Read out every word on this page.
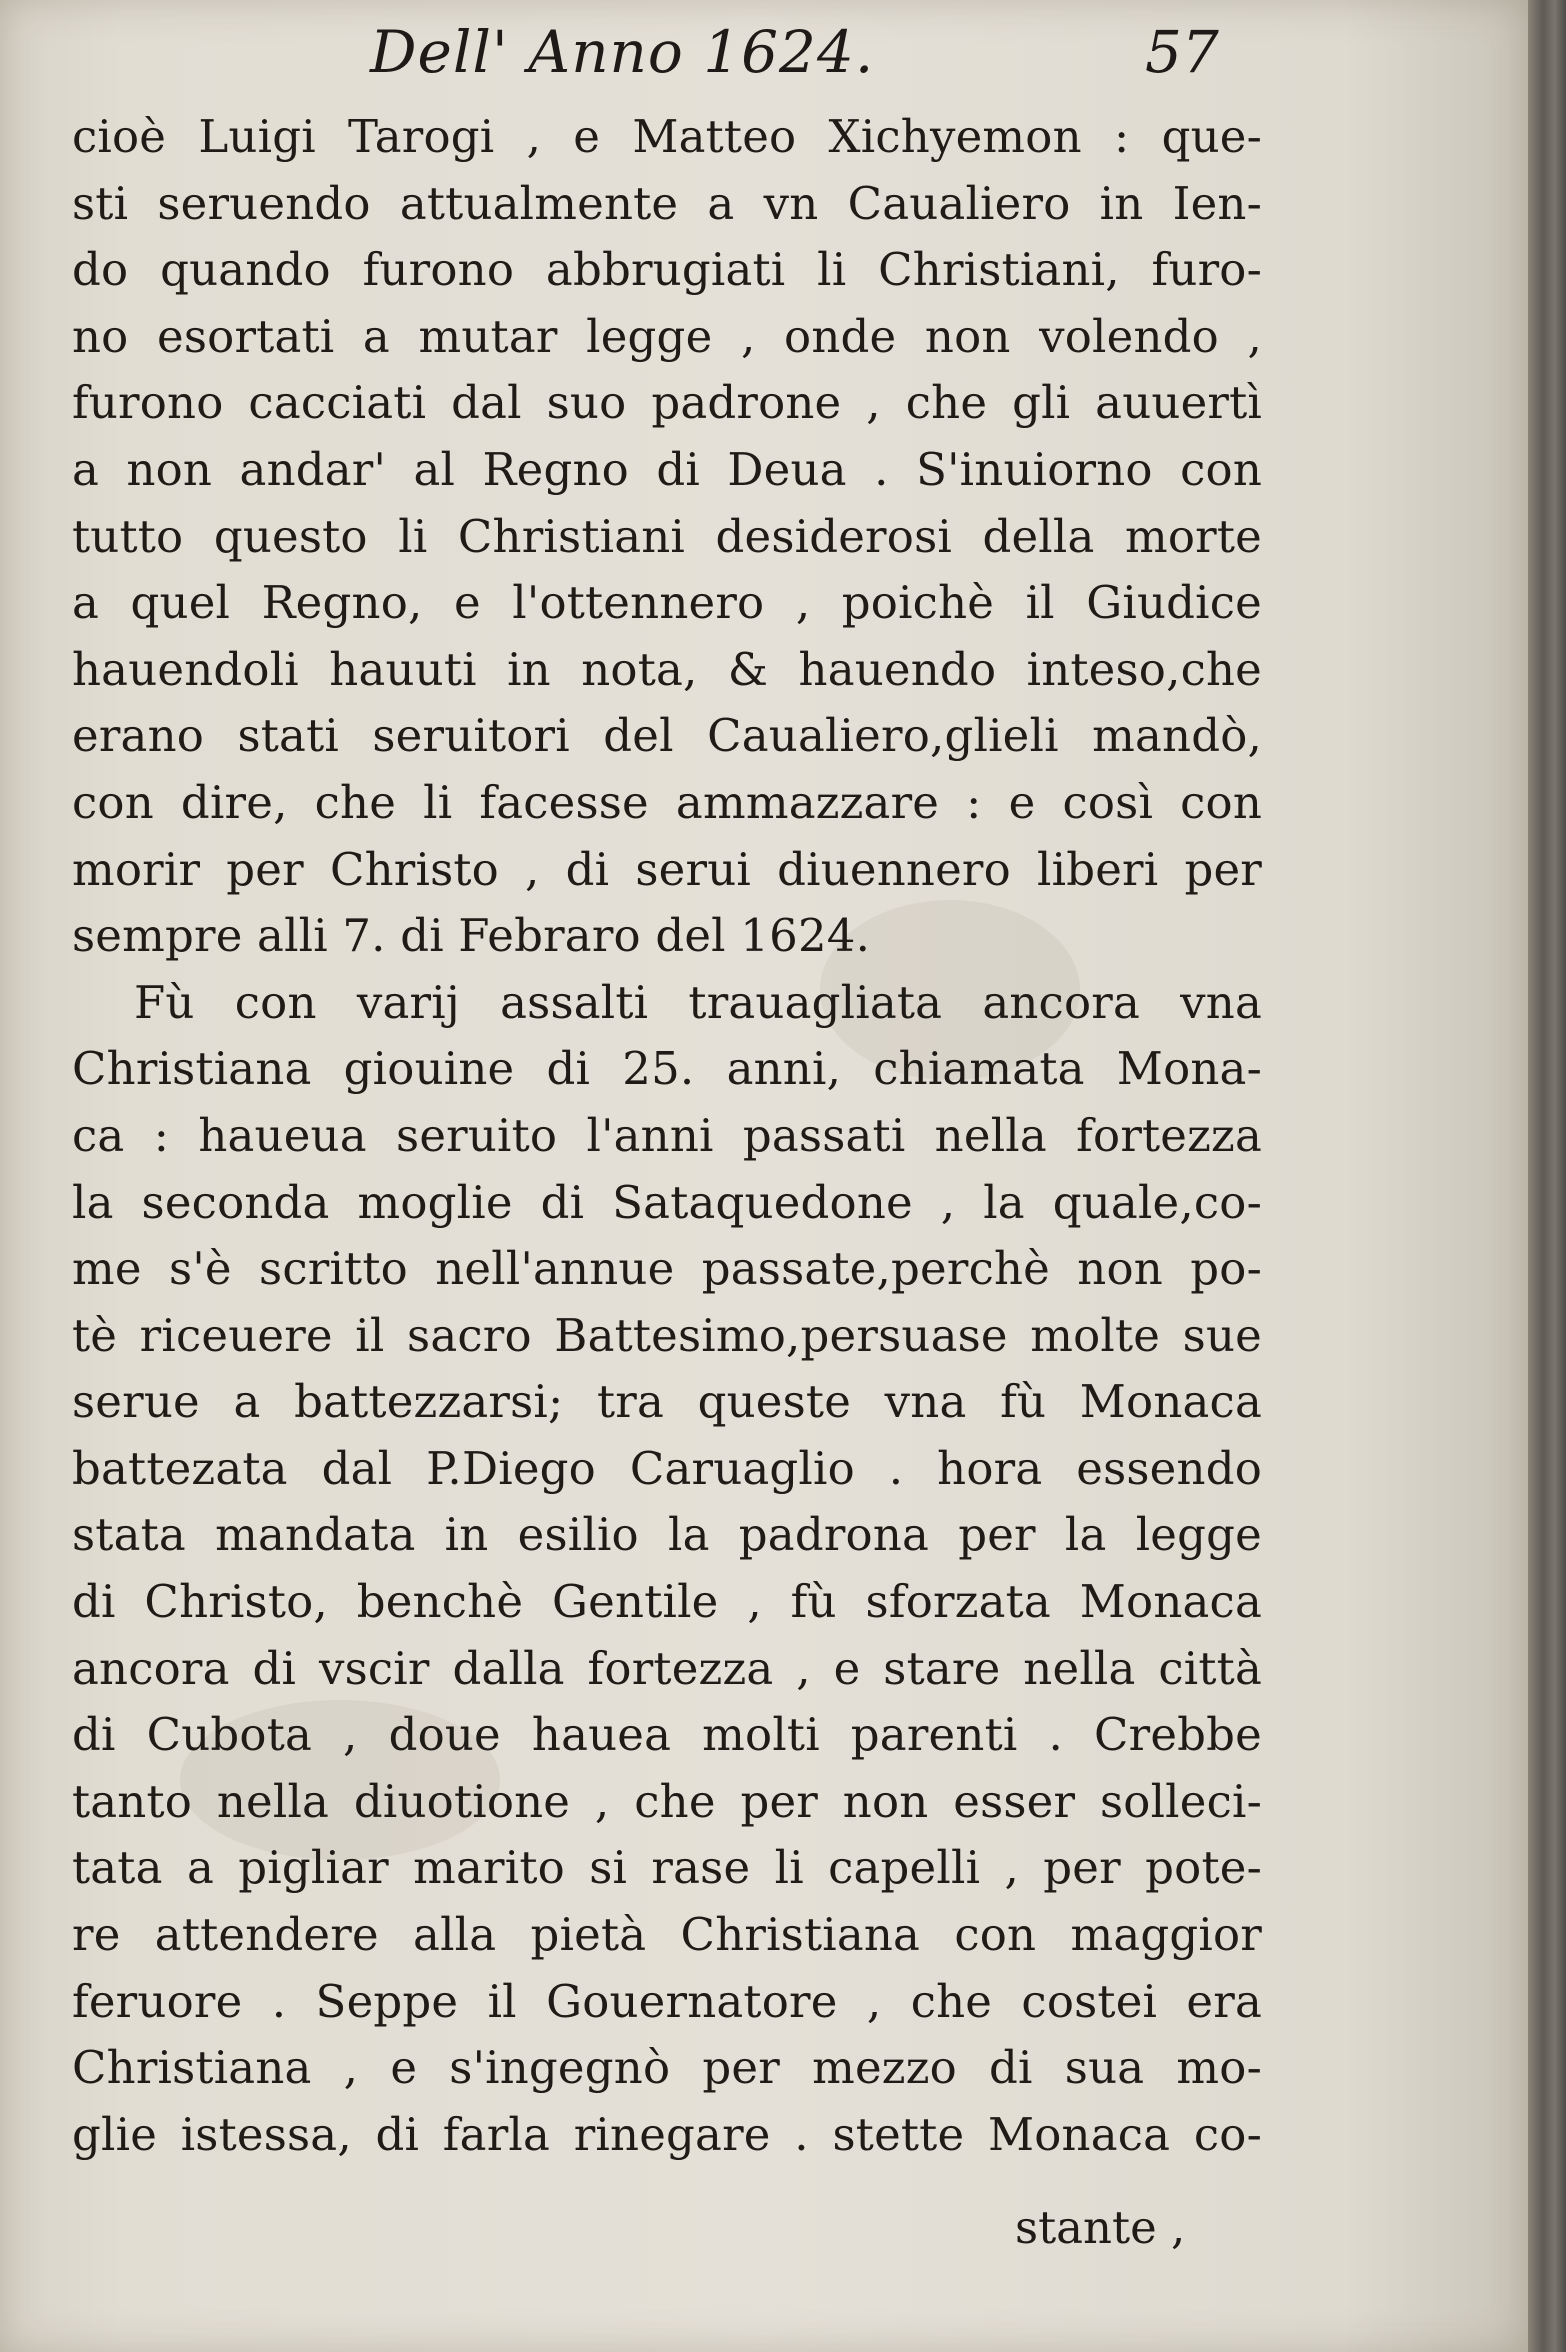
Dell' Anno 1624.	57
cioè Luigi Tarogi , e Matteo Xichyemon : que-
sti seruendo attualmente a vn Caualiero in Ien-
do quando furono abbrugiati li Christiani, furo-
no esortati a mutar legge , onde non volendo ,
furono cacciati dal suo padrone , che gli auuertì
a non andar' al Regno di Deua . S'inuiorno con
tutto questo li Christiani desiderosi della morte
a quel Regno, e l'ottennero , poichè il Giudice
hauendoli hauuti in nota, & hauendo inteso,che
erano stati seruitori del Caualiero,glieli mandò,
con dire, che li facesse ammazzare : e così con
morir per Christo , di serui diuennero liberi per
sempre alli 7. di Febraro del 1624.
Fù con varij assalti trauagliata ancora vna
Christiana giouine di 25. anni, chiamata Mona-
ca : haueua seruito l'anni passati nella fortezza
la seconda moglie di Sataquedone , la quale,co-
me s'è scritto nell'annue passate,perchè non po-
tè riceuere il sacro Battesimo,persuase molte sue
serue a battezzarsi; tra queste vna fù Monaca
battezata dal P.Diego Caruaglio . hora essendo
stata mandata in esilio la padrona per la legge
di Christo, benchè Gentile , fù sforzata Monaca
ancora di vscir dalla fortezza , e stare nella città
di Cubota , doue hauea molti parenti . Crebbe
tanto nella diuotione , che per non esser solleci-
tata a pigliar marito si rase li capelli , per pote-
re attendere alla pietà Christiana con maggior
feruore . Seppe il Gouernatore , che costei era
Christiana , e s'ingegnò per mezzo di sua mo-
glie istessa, di farla rinegare . stette Monaca co-
stante ,
